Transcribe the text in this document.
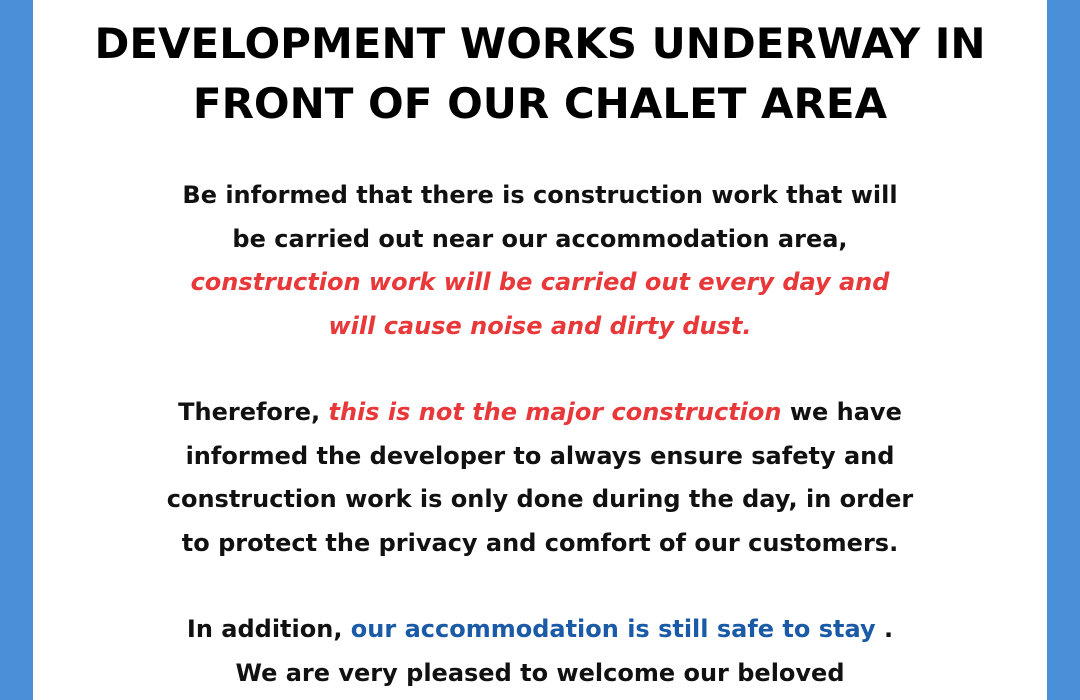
DEVELOPMENT WORKS UNDERWAY IN
FRONT OF OUR CHALET AREA

Be informed that there is construction work that will
be carried out near our accommodation area,
construction work will be carried out every day and
will cause noise and dirty dust.

Therefore, this is not the major construction we have
informed the developer to always ensure safety and
construction work is only done during the day, in order
to protect the privacy and comfort of our customers.

In addition, our accommodation is still safe to stay .
We are very pleased to welcome our beloved
